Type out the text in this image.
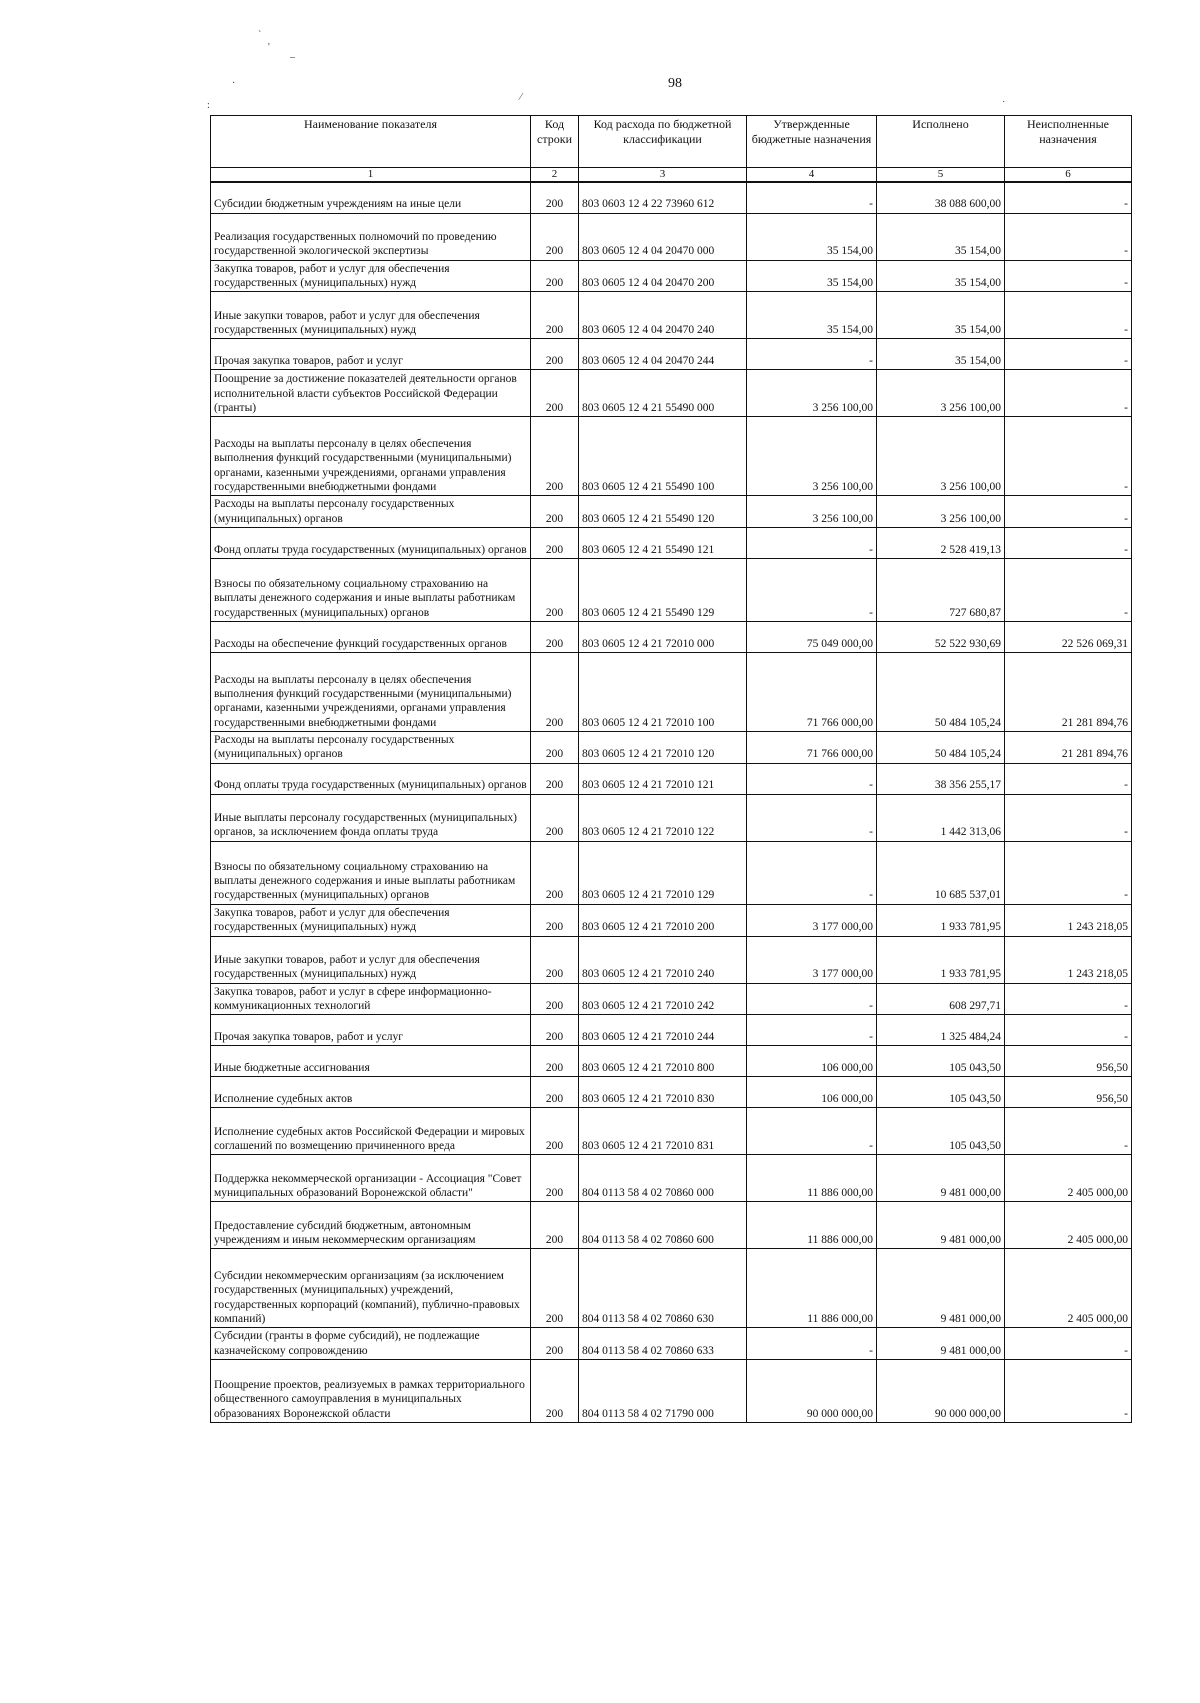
ˋ
'
–
·
⁄
:	˙
98
Наименование показателя	Код строки	Код расхода по бюджетной классификации	Утвержденные бюджетные назначения	Исполнено	Неисполненные назначения
1	2	3	4	5	6
Субсидии бюджетным учреждениям на иные цели	200	803 0603 12 4 22 73960 612	-	38 088 600,00	-
Реализация государственных полномочий по проведению государственной экологической экспертизы	200	803 0605 12 4 04 20470 000	35 154,00	35 154,00	-
Закупка товаров, работ и услуг для обеспечения государственных (муниципальных) нужд	200	803 0605 12 4 04 20470 200	35 154,00	35 154,00	-
Иные закупки товаров, работ и услуг для обеспечения государственных (муниципальных) нужд	200	803 0605 12 4 04 20470 240	35 154,00	35 154,00	-
Прочая закупка товаров, работ и услуг	200	803 0605 12 4 04 20470 244	-	35 154,00	-
Поощрение за достижение показателей деятельности органов исполнительной власти субъектов Российской Федерации (гранты)	200	803 0605 12 4 21 55490 000	3 256 100,00	3 256 100,00	-
Расходы на выплаты персоналу в целях обеспечения выполнения функций государственными (муниципальными) органами, казенными учреждениями, органами управления государственными внебюджетными фондами	200	803 0605 12 4 21 55490 100	3 256 100,00	3 256 100,00	-
Расходы на выплаты персоналу государственных (муниципальных) органов	200	803 0605 12 4 21 55490 120	3 256 100,00	3 256 100,00	-
Фонд оплаты труда государственных (муниципальных) органов	200	803 0605 12 4 21 55490 121	-	2 528 419,13	-
Взносы по обязательному социальному страхованию на выплаты денежного содержания и иные выплаты работникам государственных (муниципальных) органов	200	803 0605 12 4 21 55490 129	-	727 680,87	-
Расходы на обеспечение функций государственных органов	200	803 0605 12 4 21 72010 000	75 049 000,00	52 522 930,69	22 526 069,31
Расходы на выплаты персоналу в целях обеспечения выполнения функций государственными (муниципальными) органами, казенными учреждениями, органами управления государственными внебюджетными фондами	200	803 0605 12 4 21 72010 100	71 766 000,00	50 484 105,24	21 281 894,76
Расходы на выплаты персоналу государственных (муниципальных) органов	200	803 0605 12 4 21 72010 120	71 766 000,00	50 484 105,24	21 281 894,76
Фонд оплаты труда государственных (муниципальных) органов	200	803 0605 12 4 21 72010 121	-	38 356 255,17	-
Иные выплаты персоналу государственных (муниципальных) органов, за исключением фонда оплаты труда	200	803 0605 12 4 21 72010 122	-	1 442 313,06	-
Взносы по обязательному социальному страхованию на выплаты денежного содержания и иные выплаты работникам государственных (муниципальных) органов	200	803 0605 12 4 21 72010 129	-	10 685 537,01	-
Закупка товаров, работ и услуг для обеспечения государственных (муниципальных) нужд	200	803 0605 12 4 21 72010 200	3 177 000,00	1 933 781,95	1 243 218,05
Иные закупки товаров, работ и услуг для обеспечения государственных (муниципальных) нужд	200	803 0605 12 4 21 72010 240	3 177 000,00	1 933 781,95	1 243 218,05
Закупка товаров, работ и услуг в сфере информационно-коммуникационных технологий	200	803 0605 12 4 21 72010 242	-	608 297,71	-
Прочая закупка товаров, работ и услуг	200	803 0605 12 4 21 72010 244	-	1 325 484,24	-
Иные бюджетные ассигнования	200	803 0605 12 4 21 72010 800	106 000,00	105 043,50	956,50
Исполнение судебных актов	200	803 0605 12 4 21 72010 830	106 000,00	105 043,50	956,50
Исполнение судебных актов Российской Федерации и мировых соглашений по возмещению причиненного вреда	200	803 0605 12 4 21 72010 831	-	105 043,50	-
Поддержка некоммерческой организации - Ассоциация "Совет муниципальных образований Воронежской области"	200	804 0113 58 4 02 70860 000	11 886 000,00	9 481 000,00	2 405 000,00
Предоставление субсидий бюджетным, автономным учреждениям и иным некоммерческим организациям	200	804 0113 58 4 02 70860 600	11 886 000,00	9 481 000,00	2 405 000,00
Субсидии некоммерческим организациям (за исключением государственных (муниципальных) учреждений, государственных корпораций (компаний), публично-правовых компаний)	200	804 0113 58 4 02 70860 630	11 886 000,00	9 481 000,00	2 405 000,00
Субсидии (гранты в форме субсидий), не подлежащие казначейскому сопровождению	200	804 0113 58 4 02 70860 633	-	9 481 000,00	-
Поощрение проектов, реализуемых в рамках территориального общественного самоуправления в муниципальных образованиях Воронежской области	200	804 0113 58 4 02 71790 000	90 000 000,00	90 000 000,00	-
